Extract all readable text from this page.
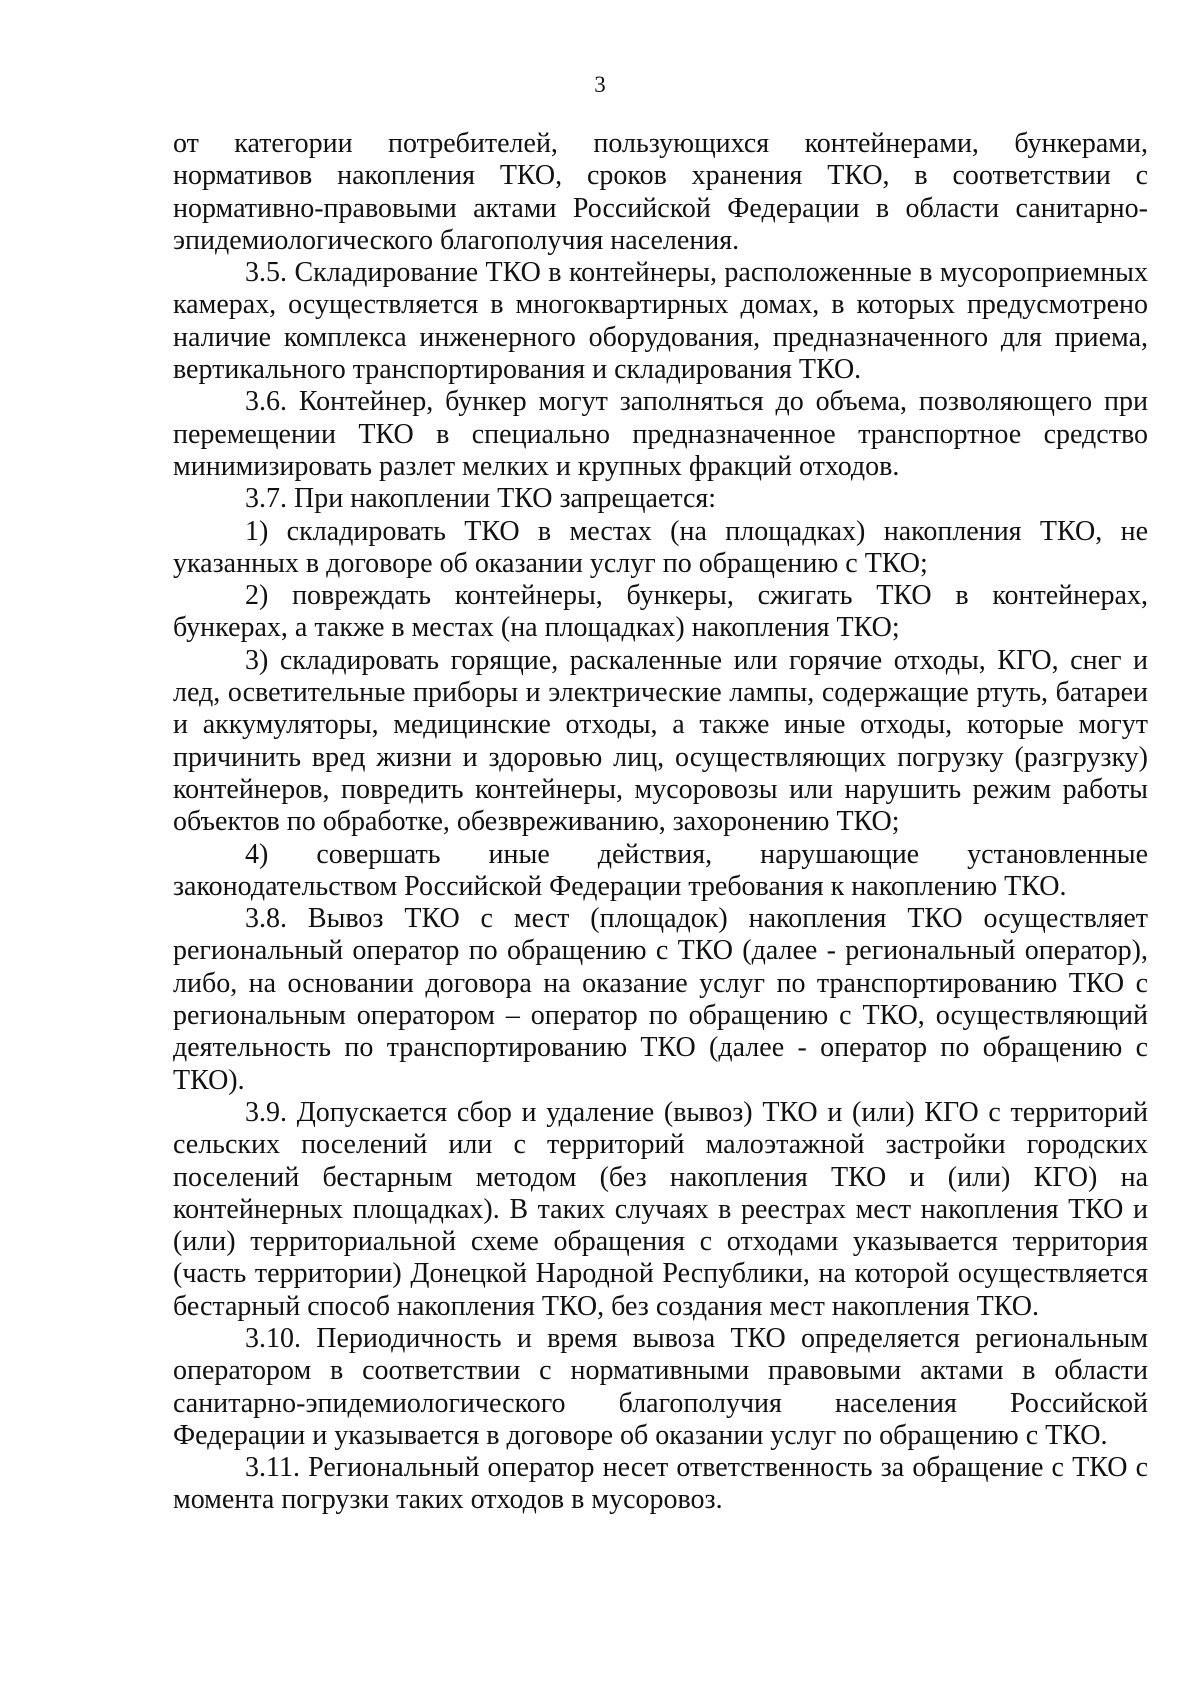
3

от категории потребителей, пользующихся контейнерами, бункерами, нормативов накопления ТКО, сроков хранения ТКО, в соответствии с нормативно-правовыми актами Российской Федерации в области санитарно-эпидемиологического благополучия населения.

3.5. Складирование ТКО в контейнеры, расположенные в мусороприемных камерах, осуществляется в многоквартирных домах, в которых предусмотрено наличие комплекса инженерного оборудования, предназначенного для приема, вертикального транспортирования и складирования ТКО.

3.6. Контейнер, бункер могут заполняться до объема, позволяющего при перемещении ТКО в специально предназначенное транспортное средство минимизировать разлет мелких и крупных фракций отходов.

3.7. При накоплении ТКО запрещается:

1) складировать ТКО в местах (на площадках) накопления ТКО, не указанных в договоре об оказании услуг по обращению с ТКО;

2) повреждать контейнеры, бункеры, сжигать ТКО в контейнерах, бункерах, а также в местах (на площадках) накопления ТКО;

3) складировать горящие, раскаленные или горячие отходы, КГО, снег и лед, осветительные приборы и электрические лампы, содержащие ртуть, батареи и аккумуляторы, медицинские отходы, а также иные отходы, которые могут причинить вред жизни и здоровью лиц, осуществляющих погрузку (разгрузку) контейнеров, повредить контейнеры, мусоровозы или нарушить режим работы объектов по обработке, обезвреживанию, захоронению ТКО;

4) совершать иные действия, нарушающие установленные законодательством Российской Федерации требования к накоплению ТКО.

3.8. Вывоз ТКО с мест (площадок) накопления ТКО осуществляет региональный оператор по обращению с ТКО (далее - региональный оператор), либо, на основании договора на оказание услуг по транспортированию ТКО с региональным оператором – оператор по обращению с ТКО, осуществляющий деятельность по транспортированию ТКО (далее - оператор по обращению с ТКО).

3.9. Допускается сбор и удаление (вывоз) ТКО и (или) КГО с территорий сельских поселений или с территорий малоэтажной застройки городских поселений бестарным методом (без накопления ТКО и (или) КГО) на контейнерных площадках). В таких случаях в реестрах мест накопления ТКО и (или) территориальной схеме обращения с отходами указывается территория (часть территории) Донецкой Народной Республики, на которой осуществляется бестарный способ накопления ТКО, без создания мест накопления ТКО.

3.10. Периодичность и время вывоза ТКО определяется региональным оператором в соответствии с нормативными правовыми актами в области санитарно-эпидемиологического благополучия населения Российской Федерации и указывается в договоре об оказании услуг по обращению с ТКО.

3.11. Региональный оператор несет ответственность за обращение с ТКО с момента погрузки таких отходов в мусоровоз.
